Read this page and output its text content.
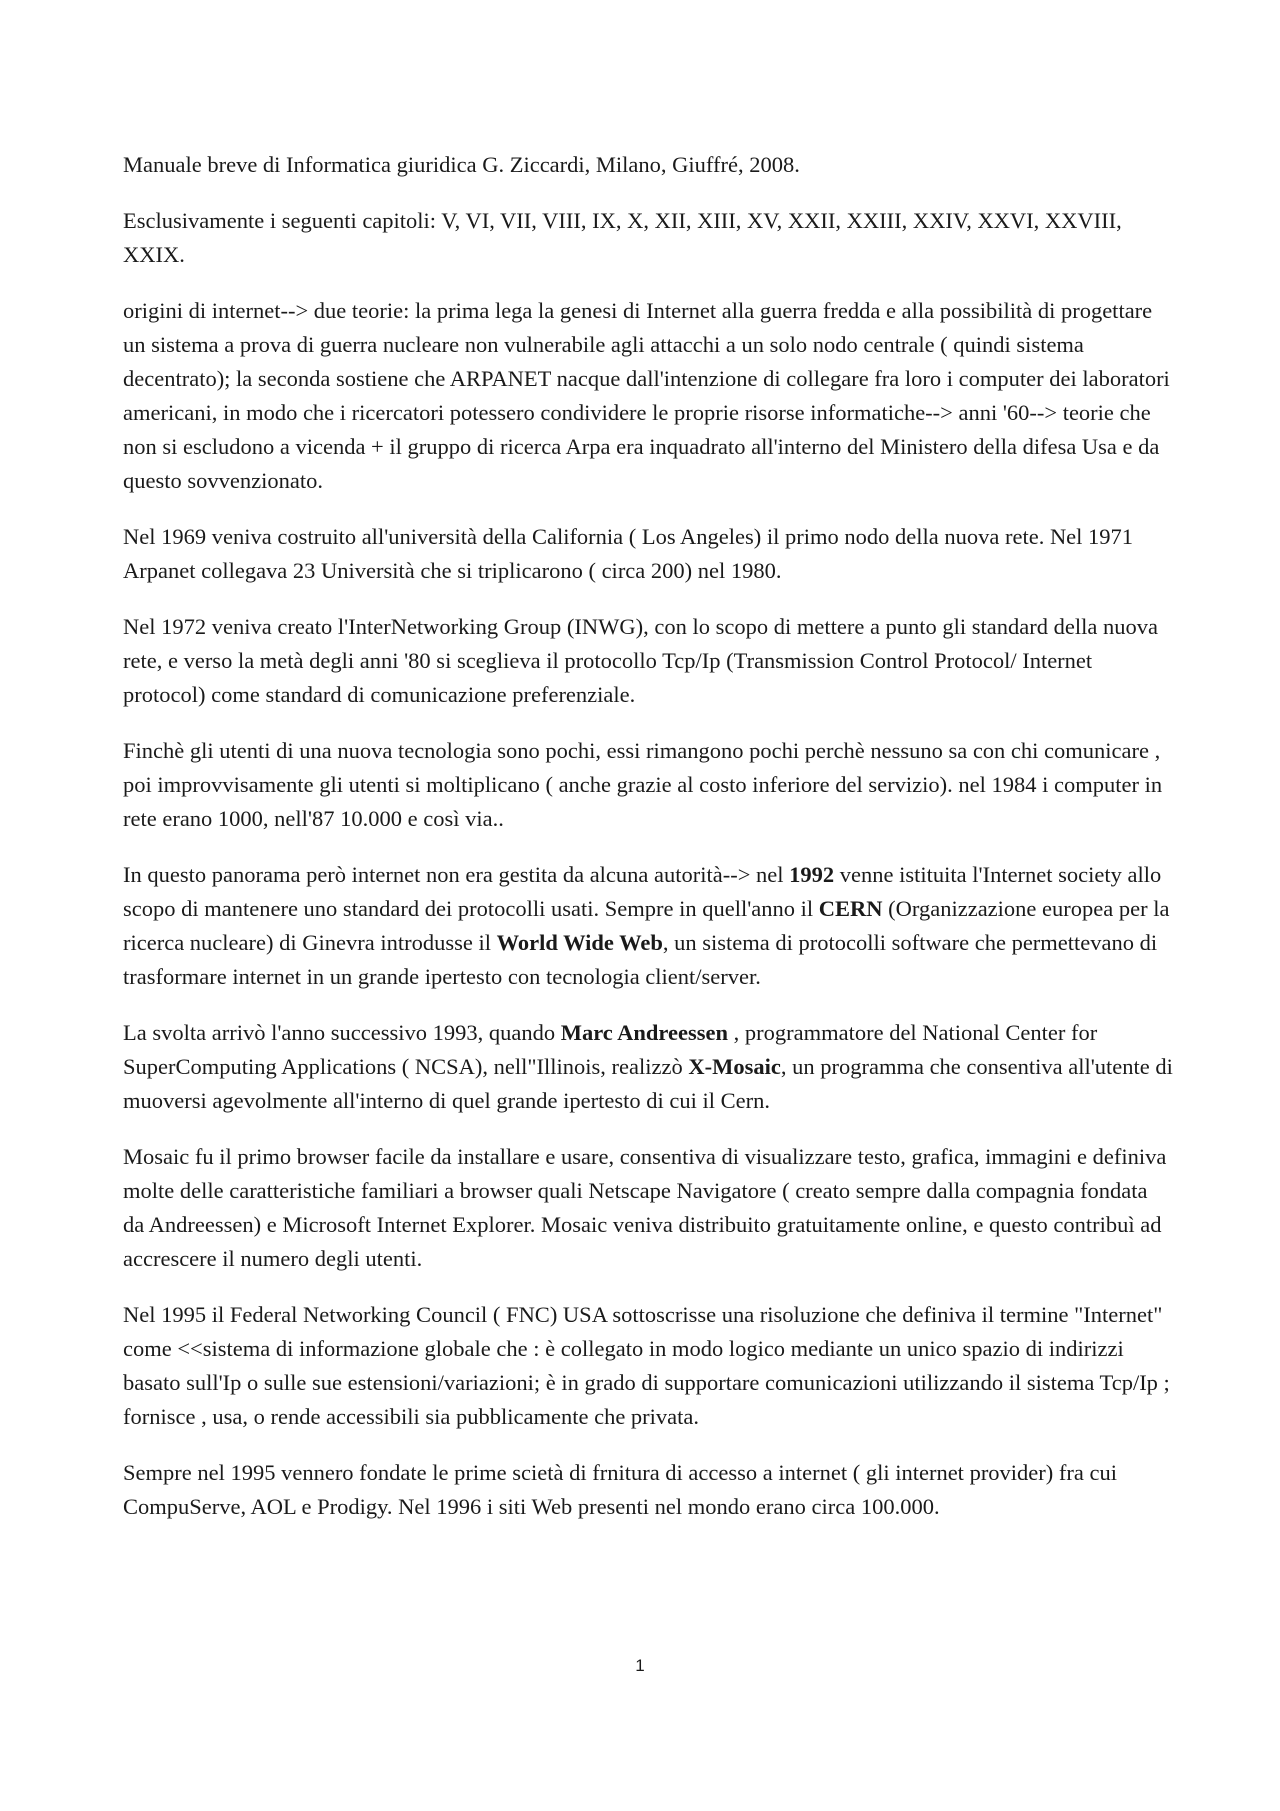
Manuale breve di Informatica giuridica G. Ziccardi, Milano, Giuffré, 2008.

Esclusivamente i seguenti capitoli: V, VI, VII, VIII, IX, X, XII, XIII, XV, XXII, XXIII, XXIV, XXVI, XXVIII, XXIX.

origini di internet--> due teorie: la prima lega la genesi di Internet alla guerra fredda e alla possibilità di progettare un sistema a prova di guerra nucleare non vulnerabile agli attacchi a un solo nodo centrale ( quindi sistema decentrato); la seconda sostiene che ARPANET nacque dall'intenzione di collegare fra loro i computer dei laboratori americani, in modo che i ricercatori potessero condividere le proprie risorse informatiche--> anni '60--> teorie che non si escludono a vicenda + il gruppo di ricerca Arpa era inquadrato all'interno del Ministero della difesa Usa e da questo sovvenzionato.

Nel 1969 veniva costruito all'università della California ( Los Angeles) il primo nodo della nuova rete. Nel 1971 Arpanet collegava 23 Università che si triplicarono ( circa 200) nel 1980.

Nel 1972 veniva creato l'InterNetworking Group (INWG), con lo scopo di mettere a punto gli standard della nuova rete, e verso la metà degli anni '80 si sceglieva il protocollo Tcp/Ip (Transmission Control Protocol/ Internet protocol) come standard di comunicazione preferenziale.

Finchè gli utenti di una nuova tecnologia sono pochi, essi rimangono pochi perchè nessuno sa con chi comunicare , poi improvvisamente gli utenti si moltiplicano ( anche grazie al costo inferiore del servizio). nel 1984 i computer in rete erano 1000, nell'87 10.000 e così via..

In questo panorama però internet non era gestita da alcuna autorità--> nel 1992 venne istituita l'Internet society allo scopo di mantenere uno standard dei protocolli usati. Sempre in quell'anno il CERN (Organizzazione europea per la ricerca nucleare) di Ginevra introdusse il World Wide Web, un sistema di protocolli software che permettevano di trasformare internet in un grande ipertesto con tecnologia client/server.

La svolta arrivò l'anno successivo 1993, quando Marc Andreessen , programmatore del National Center for SuperComputing Applications ( NCSA), nell"Illinois, realizzò X-Mosaic, un programma che consentiva all'utente di muoversi agevolmente all'interno di quel grande ipertesto di cui il Cern.

Mosaic fu il primo browser facile da installare e usare, consentiva di visualizzare testo, grafica, immagini e definiva molte delle caratteristiche familiari a browser quali Netscape Navigatore ( creato sempre dalla compagnia fondata da Andreessen) e Microsoft Internet Explorer. Mosaic veniva distribuito gratuitamente online, e questo contribuì ad accrescere il numero degli utenti.

Nel 1995 il Federal Networking Council ( FNC) USA sottoscrisse una risoluzione che definiva il termine "Internet" come <<sistema di informazione globale che : è collegato in modo logico mediante un unico spazio di indirizzi basato sull'Ip o sulle sue estensioni/variazioni; è in grado di supportare comunicazioni utilizzando il sistema Tcp/Ip ; fornisce , usa, o rende accessibili sia pubblicamente che privata.

Sempre nel 1995 vennero fondate le prime scietà di frnitura di accesso a internet ( gli internet provider) fra cui CompuServe, AOL e Prodigy. Nel 1996 i siti Web presenti nel mondo erano circa 100.000.

1
